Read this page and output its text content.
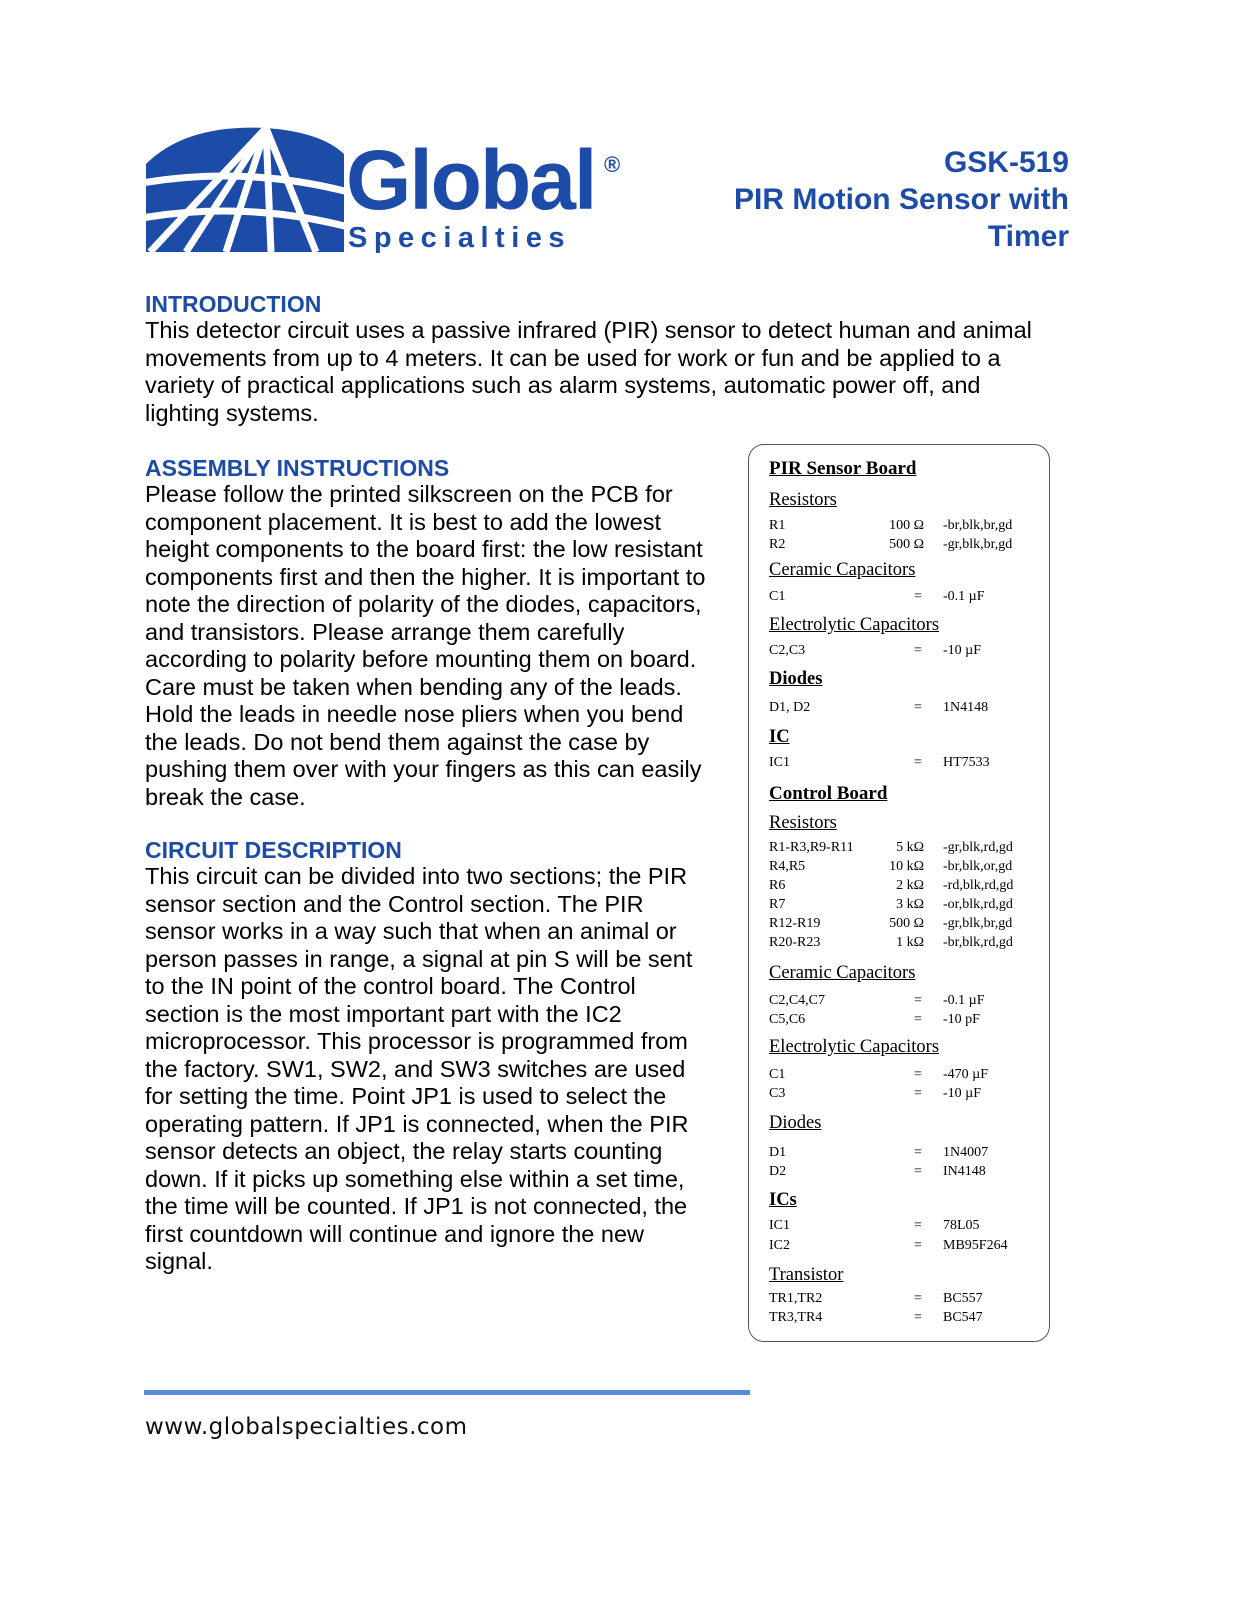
Global ®
Specialties
GSK-519
PIR Motion Sensor with
Timer
INTRODUCTION
This detector circuit uses a passive infrared (PIR) sensor to detect human and animal
movements from up to 4 meters. It can be used for work or fun and be applied to a
variety of practical applications such as alarm systems, automatic power off, and
lighting systems.
ASSEMBLY INSTRUCTIONS
Please follow the printed silkscreen on the PCB for
component placement. It is best to add the lowest
height components to the board first: the low resistant
components first and then the higher. It is important to
note the direction of polarity of the diodes, capacitors,
and transistors. Please arrange them carefully
according to polarity before mounting them on board.
Care must be taken when bending any of the leads.
Hold the leads in needle nose pliers when you bend
the leads. Do not bend them against the case by
pushing them over with your fingers as this can easily
break the case.
CIRCUIT DESCRIPTION
This circuit can be divided into two sections; the PIR
sensor section and the Control section. The PIR
sensor works in a way such that when an animal or
person passes in range, a signal at pin S will be sent
to the IN point of the control board. The Control
section is the most important part with the IC2
microprocessor. This processor is programmed from
the factory. SW1, SW2, and SW3 switches are used
for setting the time. Point JP1 is used to select the
operating pattern. If JP1 is connected, when the PIR
sensor detects an object, the relay starts counting
down. If it picks up something else within a set time,
the time will be counted. If JP1 is not connected, the
first countdown will continue and ignore the new
signal.
PIR Sensor Board
Resistors
R1	100 Ω -br,blk,br,gd
R2	500 Ω -gr,blk,br,gd
Ceramic Capacitors
C1	= -0.1 µF
Electrolytic Capacitors
C2,C3	= -10 µF
Diodes
D1, D2	= 1N4148
IC
IC1	= HT7533
Control Board
Resistors
R1-R3,R9-R11	5 kΩ -gr,blk,rd,gd
R4,R5	10 kΩ -br,blk,or,gd
R6	2 kΩ -rd,blk,rd,gd
R7	3 kΩ -or,blk,rd,gd
R12-R19	500 Ω -gr,blk,br,gd
R20-R23	1 kΩ -br,blk,rd,gd
Ceramic Capacitors
C2,C4,C7	= -0.1 µF
C5,C6	= -10 pF
Electrolytic Capacitors
C1	= -470 µF
C3	= -10 µF
Diodes
D1	= 1N4007
D2	= IN4148
ICs
IC1	= 78L05
IC2	= MB95F264
Transistor
TR1,TR2	= BC557
TR3,TR4	= BC547
www.globalspecialties.com
